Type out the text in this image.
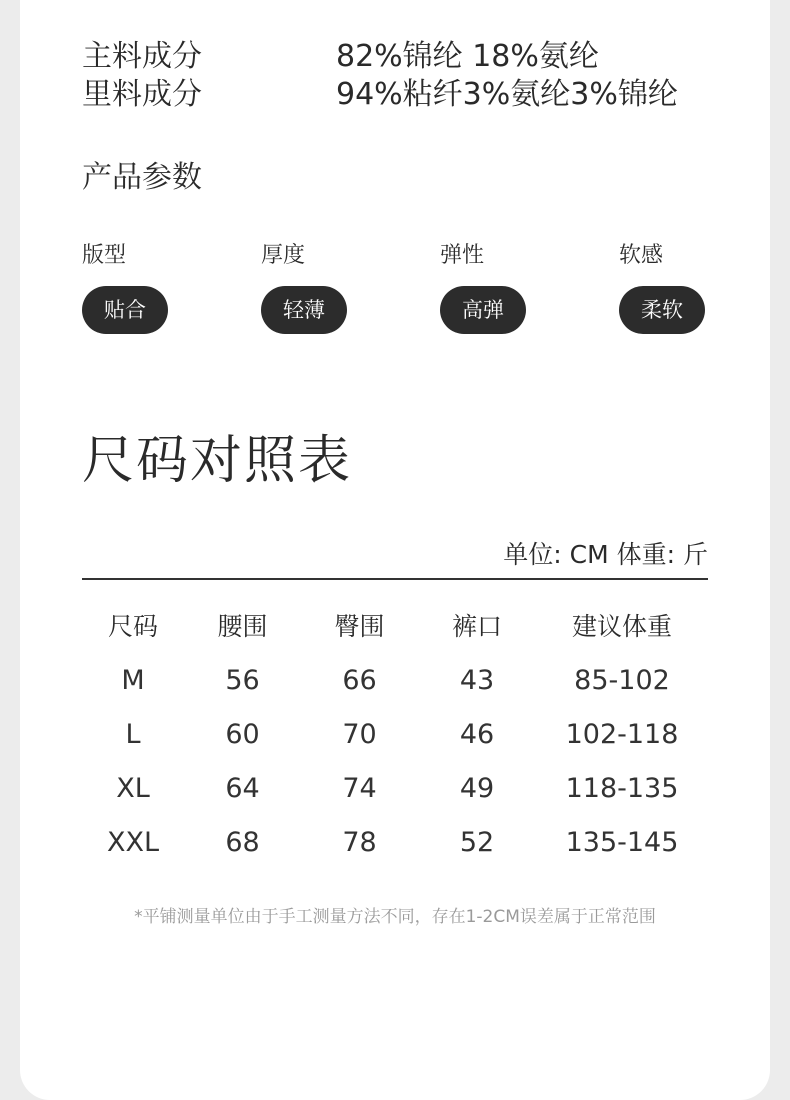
主料成分	82%锦纶 18%氨纶
里料成分	94%粘纤3%氨纶3%锦纶
产品参数
版型
贴合
厚度
轻薄
弹性
高弹
软感
柔软
尺码对照表
单位: CM 体重: 斤
尺码	腰围	臀围	裤口	建议体重
M	56	66	43	85-102
L	60	70	46	102-118
XL	64	74	49	118-135
XXL	68	78	52	135-145
*平铺测量单位由于手工测量方法不同，存在1-2CM误差属于正常范围
